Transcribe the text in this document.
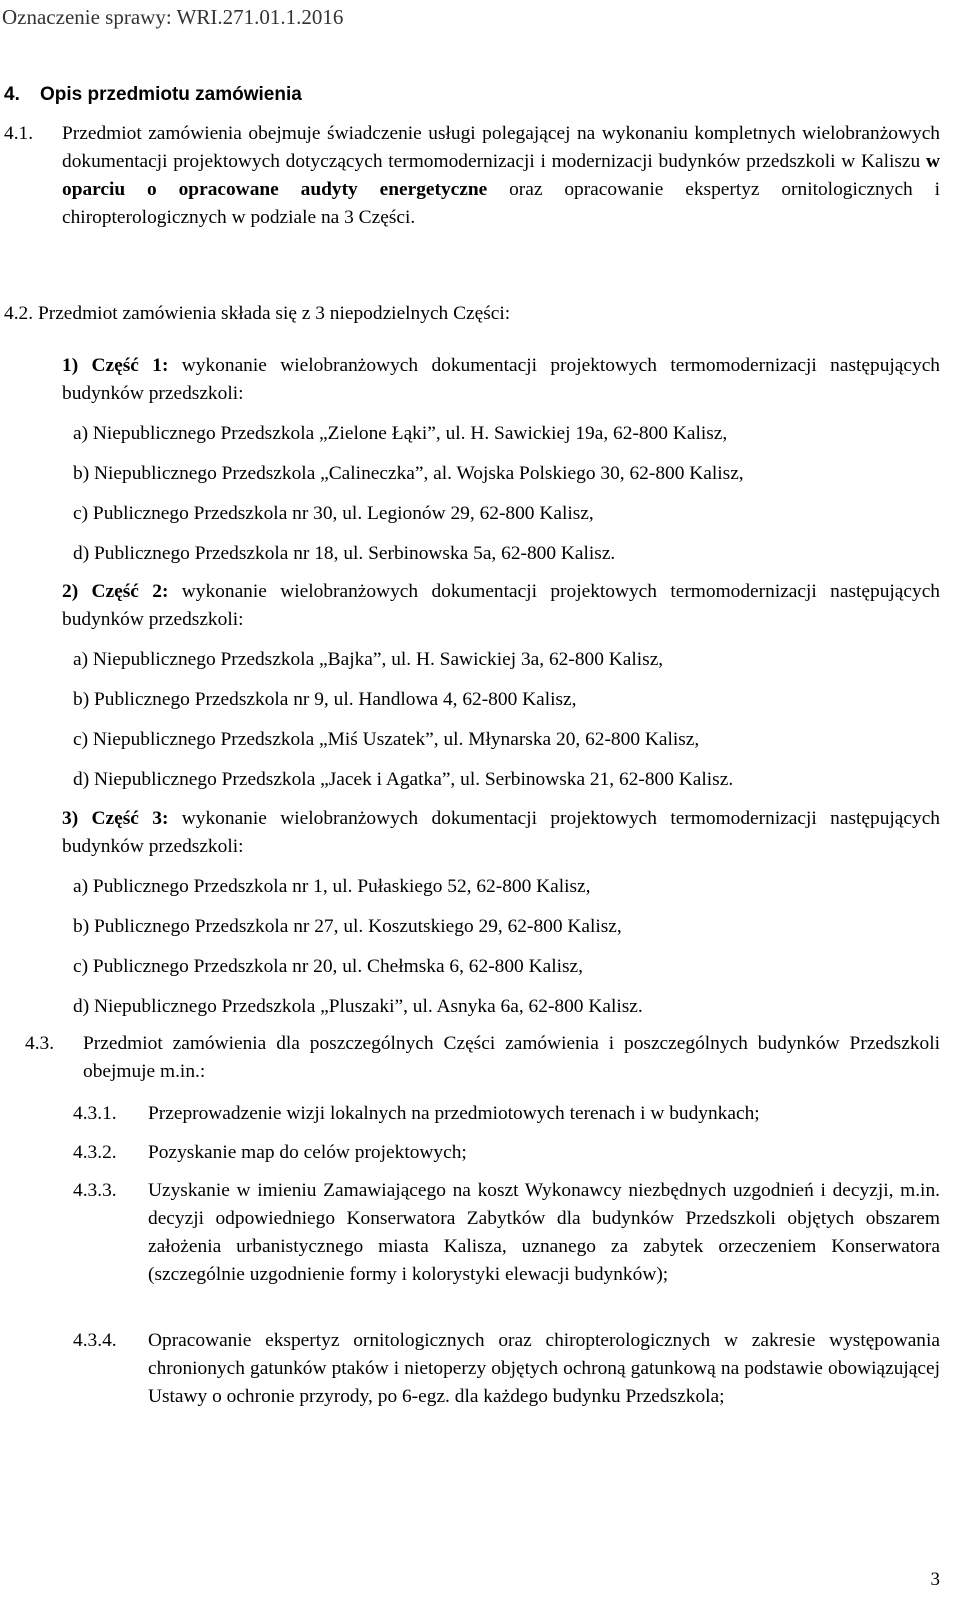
Oznaczenie sprawy: WRI.271.01.1.2016
4. Opis przedmiotu zamówienia
4.1. Przedmiot zamówienia obejmuje świadczenie usługi polegającej na wykonaniu kompletnych wielobranżowych dokumentacji projektowych dotyczących termomodernizacji i modernizacji budynków przedszkoli w Kaliszu w oparciu o opracowane audyty energetyczne oraz opracowanie ekspertyz ornitologicznych i chiropterologicznych w podziale na 3 Części.
4.2. Przedmiot zamówienia składa się z 3 niepodzielnych Części:
1) Część 1: wykonanie wielobranżowych dokumentacji projektowych termomodernizacji następujących budynków przedszkoli:
a) Niepublicznego Przedszkola „Zielone Łąki”, ul. H. Sawickiej 19a, 62-800 Kalisz,
b) Niepublicznego Przedszkola „Calineczka”, al. Wojska Polskiego 30, 62-800 Kalisz,
c) Publicznego Przedszkola nr 30, ul. Legionów 29, 62-800 Kalisz,
d) Publicznego Przedszkola nr 18, ul. Serbinowska 5a, 62-800 Kalisz.
2) Część 2: wykonanie wielobranżowych dokumentacji projektowych termomodernizacji następujących budynków przedszkoli:
a) Niepublicznego Przedszkola „Bajka”, ul. H. Sawickiej 3a, 62-800 Kalisz,
b) Publicznego Przedszkola nr 9, ul. Handlowa 4, 62-800 Kalisz,
c) Niepublicznego Przedszkola „Miś Uszatek”, ul. Młynarska 20, 62-800 Kalisz,
d) Niepublicznego Przedszkola „Jacek i Agatka”, ul. Serbinowska 21, 62-800 Kalisz.
3) Część 3: wykonanie wielobranżowych dokumentacji projektowych termomodernizacji następujących budynków przedszkoli:
a) Publicznego Przedszkola nr 1, ul. Pułaskiego 52, 62-800 Kalisz,
b) Publicznego Przedszkola nr 27, ul. Koszutskiego 29, 62-800 Kalisz,
c) Publicznego Przedszkola nr 20, ul. Chełmska 6, 62-800 Kalisz,
d) Niepublicznego Przedszkola „Pluszaki”, ul. Asnyka 6a, 62-800 Kalisz.
4.3. Przedmiot zamówienia dla poszczególnych Części zamówienia i poszczególnych budynków Przedszkoli obejmuje m.in.:
4.3.1. Przeprowadzenie wizji lokalnych na przedmiotowych terenach i w budynkach;
4.3.2. Pozyskanie map do celów projektowych;
4.3.3. Uzyskanie w imieniu Zamawiającego na koszt Wykonawcy niezbędnych uzgodnień i decyzji, m.in. decyzji odpowiedniego Konserwatora Zabytków dla budynków Przedszkoli objętych obszarem założenia urbanistycznego miasta Kalisza, uznanego za zabytek orzeczeniem Konserwatora (szczególnie uzgodnienie formy i kolorystyki elewacji budynków);
4.3.4. Opracowanie ekspertyz ornitologicznych oraz chiropterologicznych w zakresie występowania chronionych gatunków ptaków i nietoperzy objętych ochroną gatunkową na podstawie obowiązującej Ustawy o ochronie przyrody, po 6-egz. dla każdego budynku Przedszkola;
3
